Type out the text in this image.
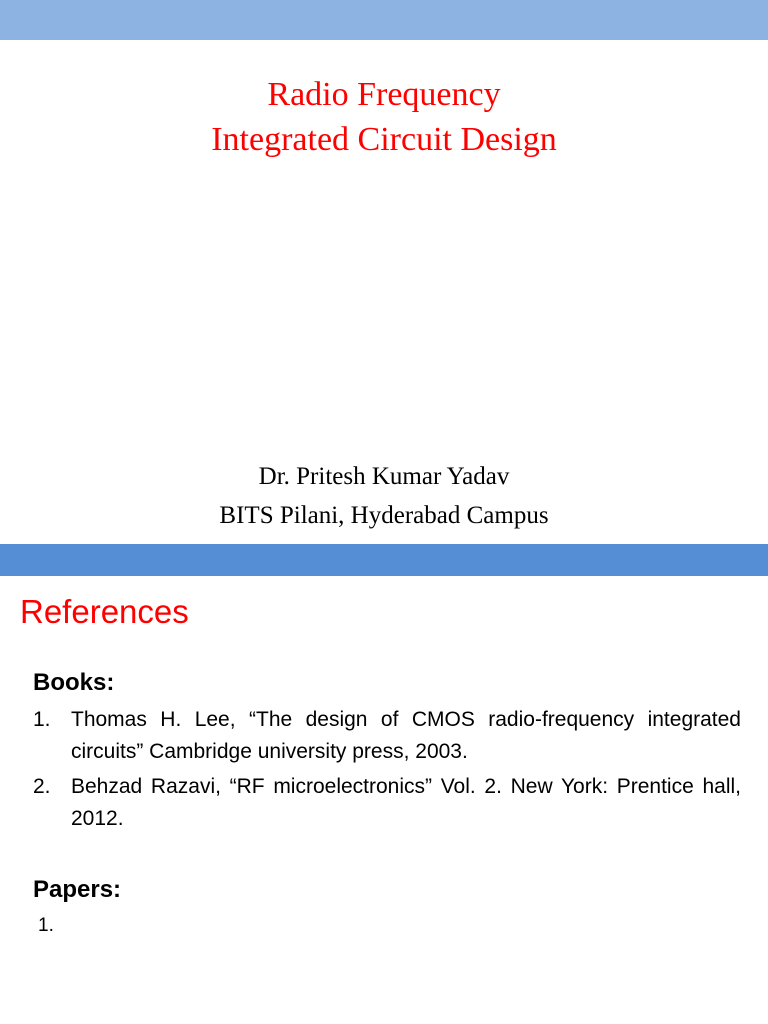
Radio Frequency
Integrated Circuit Design
Dr. Pritesh Kumar Yadav
BITS Pilani, Hyderabad Campus
References
Books:
1. Thomas H. Lee, “The design of CMOS radio-frequency integrated circuits” Cambridge university press, 2003.
2. Behzad Razavi, “RF microelectronics” Vol. 2. New York: Prentice hall, 2012.
Papers:
1.
